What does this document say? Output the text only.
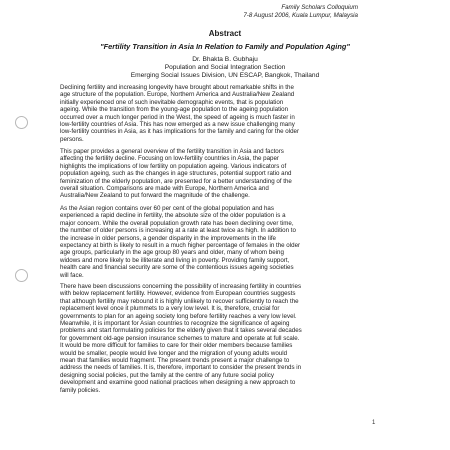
Family Scholars Colloquium
7-8 August 2006, Kuala Lumpur, Malaysia
Abstract
"Fertility Transition in Asia In Relation to Family and Population Aging"
Dr. Bhakta B. Gubhaju
Population and Social Integration Section
Emerging Social Issues Division, UN ESCAP, Bangkok, Thailand
Declining fertility and increasing longevity have brought about remarkable shifts in the
age structure of the population. Europe, Northern America and Australia/New Zealand
initially experienced one of such inevitable demographic events, that is population
ageing. While the transition from the young-age population to the ageing population
occurred over a much longer period in the West, the speed of ageing is much faster in
low-fertility countries of Asia. This has now emerged as a new issue challenging many
low-fertility countries in Asia, as it has implications for the family and caring for the older
persons.
This paper provides a general overview of the fertility transition in Asia and factors
affecting the fertility decline. Focusing on low-fertility countries in Asia, the paper
highlights the implications of low fertility on population ageing. Various indicators of
population ageing, such as the changes in age structures, potential support ratio and
feminization of the elderly population, are presented for a better understanding of the
overall situation. Comparisons are made with Europe, Northern America and
Australia/New Zealand to put forward the magnitude of the challenge.
As the Asian region contains over 60 per cent of the global population and has
experienced a rapid decline in fertility, the absolute size of the older population is a
major concern. While the overall population growth rate has been declining over time,
the number of older persons is increasing at a rate at least twice as high. In addition to
the increase in older persons, a gender disparity in the improvements in the life
expectancy at birth is likely to result in a much higher percentage of females in the older
age groups, particularly in the age group 80 years and older, many of whom being
widows and more likely to be illiterate and living in poverty. Providing family support,
health care and financial security are some of the contentious issues ageing societies
will face.
There have been discussions concerning the possibility of increasing fertility in countries
with below replacement fertility. However, evidence from European countries suggests
that although fertility may rebound it is highly unlikely to recover sufficiently to reach the
replacement level once it plummets to a very low level. It is, therefore, crucial for
governments to plan for an ageing society long before fertility reaches a very low level.
Meanwhile, it is important for Asian countries to recognize the significance of ageing
problems and start formulating policies for the elderly given that it takes several decades
for government old-age pension insurance schemes to mature and operate at full scale.
It would be more difficult for families to care for their older members because families
would be smaller, people would live longer and the migration of young adults would
mean that families would fragment. The present trends present a major challenge to
address the needs of families. It is, therefore, important to consider the present trends in
designing social policies, put the family at the centre of any future social policy
development and examine good national practices when designing a new approach to
family policies.
1
